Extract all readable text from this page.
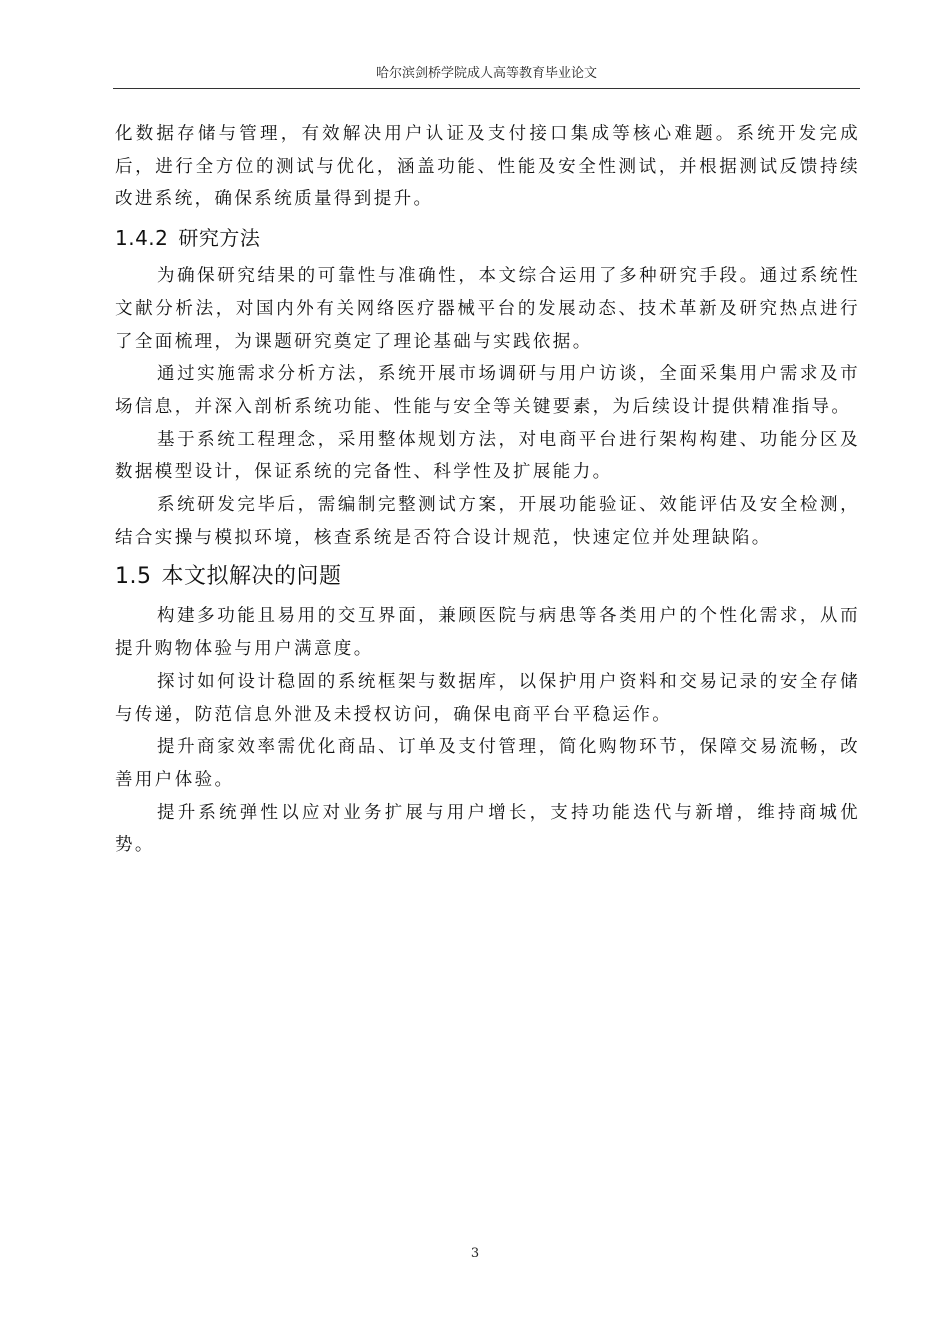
哈尔滨剑桥学院成人高等教育毕业论文

化数据存储与管理，有效解决用户认证及支付接口集成等核心难题。系统开发完成后，进行全方位的测试与优化，涵盖功能、性能及安全性测试，并根据测试反馈持续改进系统，确保系统质量得到提升。

1.4.2 研究方法

为确保研究结果的可靠性与准确性，本文综合运用了多种研究手段。通过系统性文献分析法，对国内外有关网络医疗器械平台的发展动态、技术革新及研究热点进行了全面梳理，为课题研究奠定了理论基础与实践依据。

通过实施需求分析方法，系统开展市场调研与用户访谈，全面采集用户需求及市场信息，并深入剖析系统功能、性能与安全等关键要素，为后续设计提供精准指导。

基于系统工程理念，采用整体规划方法，对电商平台进行架构构建、功能分区及数据模型设计，保证系统的完备性、科学性及扩展能力。

系统研发完毕后，需编制完整测试方案，开展功能验证、效能评估及安全检测，结合实操与模拟环境，核查系统是否符合设计规范，快速定位并处理缺陷。

1.5 本文拟解决的问题

构建多功能且易用的交互界面，兼顾医院与病患等各类用户的个性化需求，从而提升购物体验与用户满意度。

探讨如何设计稳固的系统框架与数据库，以保护用户资料和交易记录的安全存储与传递，防范信息外泄及未授权访问，确保电商平台平稳运作。

提升商家效率需优化商品、订单及支付管理，简化购物环节，保障交易流畅，改善用户体验。

提升系统弹性以应对业务扩展与用户增长，支持功能迭代与新增，维持商城优势。

3
